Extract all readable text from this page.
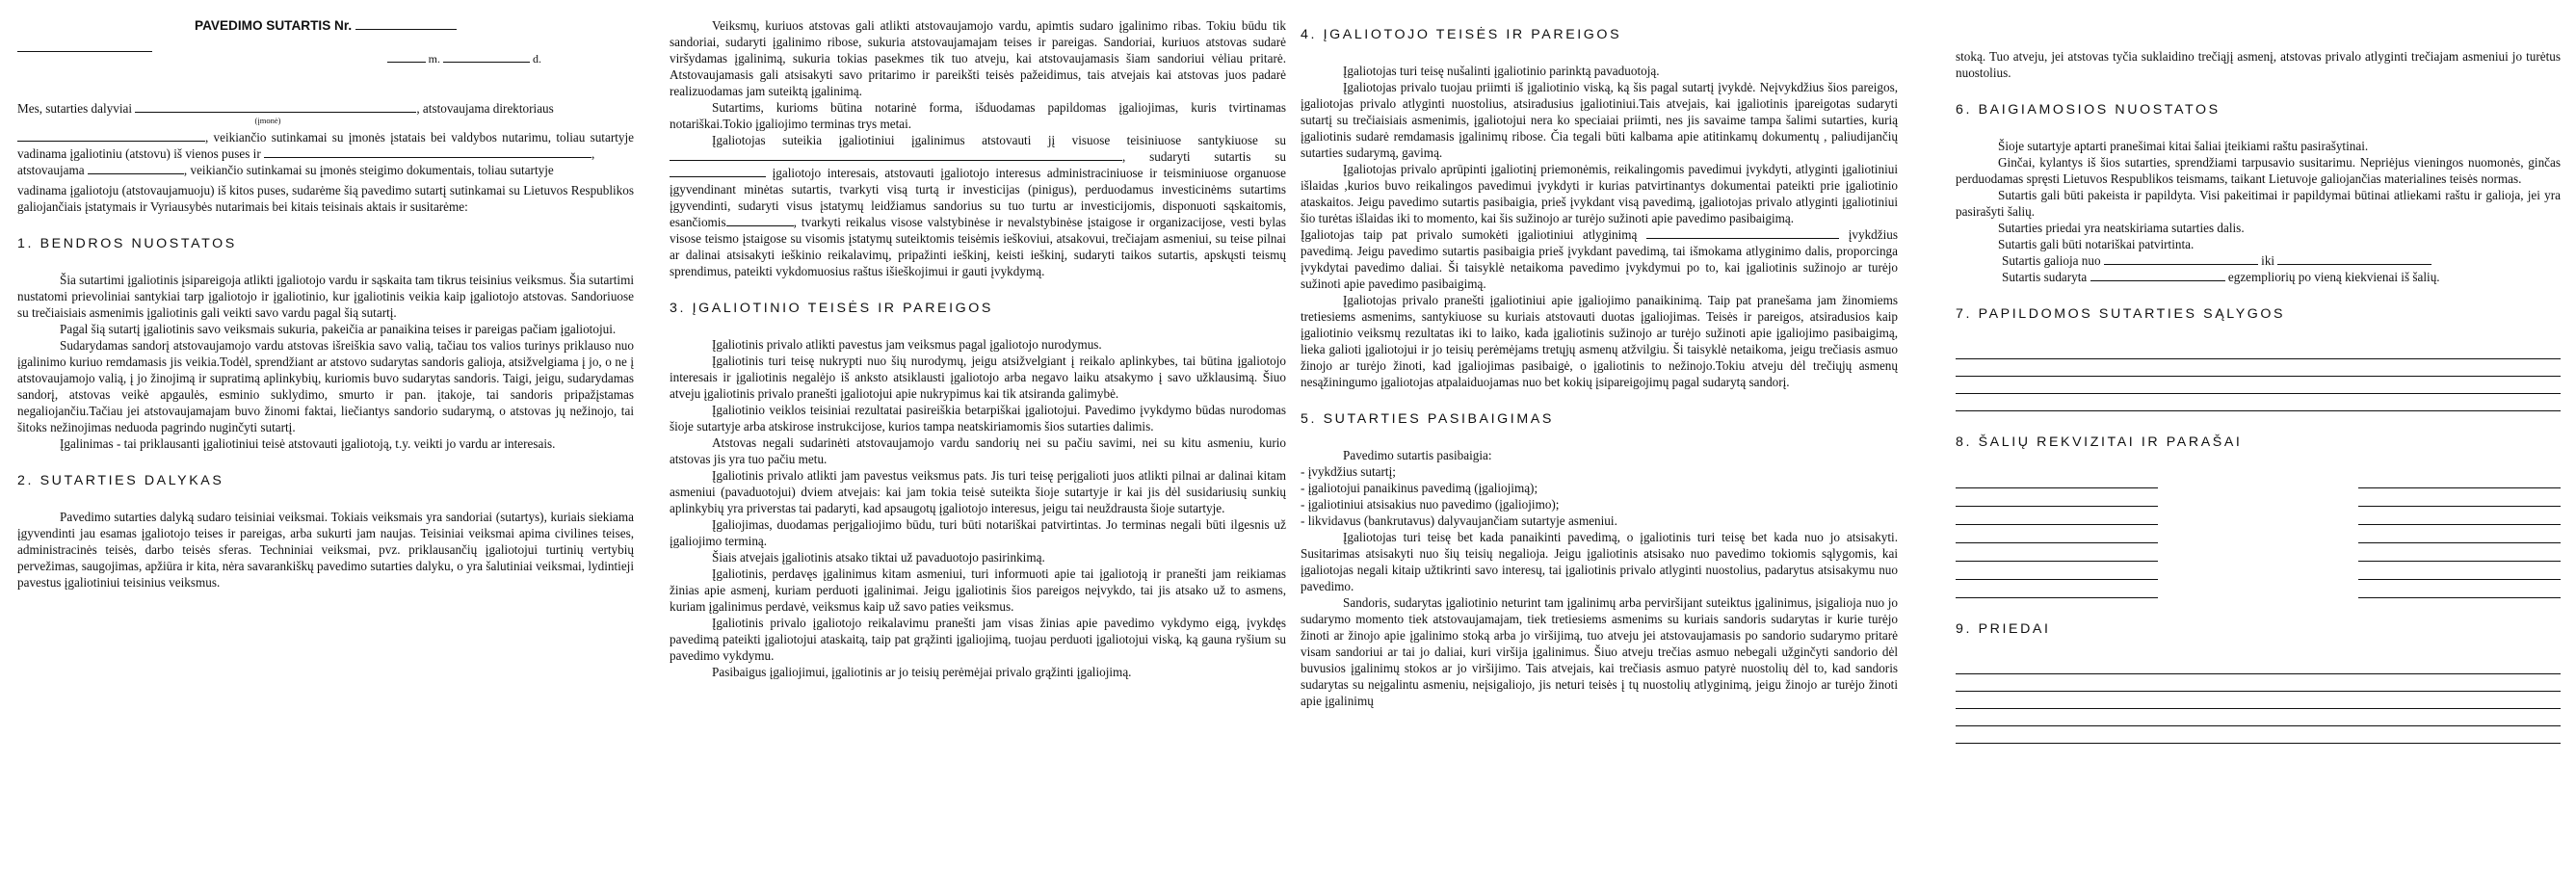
PAVEDIMO SUTARTIS Nr.

m.	d.

Mes, sutarties dalyviai	, atstovaujama direktoriaus

(įmonė)

, veikiančio sutinkamai su įmonės įstatais bei valdybos nutarimu, toliau sutartyje vadinama įgaliotiniu (atstovu) iš vienos puses ir	,

atstovaujama	, veikiančio sutinkamai su įmonės steigimo dokumentais, toliau sutartyje

vadinama įgaliotoju (atstovaujamuoju) iš kitos puses, sudarėme šią pavedimo sutartį sutinkamai su Lietuvos Respublikos galiojančiais įstatymais ir Vyriausybės nutarimais bei kitais teisinais aktais ir susitarėme:

1. BENDROS NUOSTATOS

Šia sutartimi įgaliotinis įsipareigoja atlikti įgaliotojo vardu ir sąskaita tam tikrus teisinius veiksmus. Šia sutartimi nustatomi prievoliniai santykiai tarp įgaliotojo ir įgaliotinio, kur įgaliotinis veikia kaip įgaliotojo atstovas. Sandoriuose su trečiaisiais asmenimis įgaliotinis gali veikti savo vardu pagal šią sutartį.

Pagal šią sutartį įgaliotinis savo veiksmais sukuria, pakeičia ar panaikina teises ir pareigas pačiam įgaliotojui.

Sudarydamas sandorį atstovaujamojo vardu atstovas išreiškia savo valią, tačiau tos valios turinys priklauso nuo įgalinimo kuriuo remdamasis jis veikia.Todėl, sprendžiant ar atstovo sudarytas sandoris galioja, atsižvelgiama į jo, o ne į atstovaujamojo valią, į jo žinojimą ir supratimą aplinkybių, kuriomis buvo sudarytas sandoris. Taigi, jeigu, sudarydamas sandorį, atstovas veikė apgaulės, esminio suklydimo, smurto ir pan. įtakoje, tai sandoris pripažįstamas negaliojančiu.Tačiau jei atstovaujamajam buvo žinomi faktai, liečiantys sandorio sudarymą, o atstovas jų nežinojo, tai šitoks nežinojimas neduoda pagrindo nuginčyti sutartį.

Įgalinimas - tai priklausanti įgaliotiniui teisė atstovauti įgaliotoją, t.y. veikti jo vardu ar interesais.

2. SUTARTIES DALYKAS

Pavedimo sutarties dalyką sudaro teisiniai veiksmai. Tokiais veiksmais yra sandoriai (sutartys), kuriais siekiama įgyvendinti jau esamas įgaliotojo teises ir pareigas, arba sukurti jam naujas. Teisiniai veiksmai apima civilines teises, administracinės teisės, darbo teisės sferas. Techniniai veiksmai, pvz. priklausančių įgaliotojui turtinių vertybių pervežimas, saugojimas, apžiūra ir kita, nėra savarankiškų pavedimo sutarties dalyku, o yra šalutiniai veiksmai, lydintieji pavestus įgaliotiniui teisinius veiksmus.

Veiksmų, kuriuos atstovas gali atlikti atstovaujamojo vardu, apimtis sudaro įgalinimo ribas. Tokiu būdu tik sandoriai, sudaryti įgalinimo ribose, sukuria atstovaujamajam teises ir pareigas. Sandoriai, kuriuos atstovas sudarė viršydamas įgalinimą, sukuria tokias pasekmes tik tuo atveju, kai atstovaujamasis šiam sandoriui vėliau pritarė. Atstovaujamasis gali atsisakyti savo pritarimo ir pareikšti teisės pažeidimus, tais atvejais kai atstovas juos padarė realizuodamas jam suteiktą įgalinimą.

Sutartims, kurioms būtina notarinė forma, išduodamas papildomas įgaliojimas, kuris tvirtinamas notariškai.Tokio įgaliojimo terminas trys metai.

Įgaliotojas suteikia įgaliotiniui įgalinimus atstovauti jį visuose teisiniuose santykiuose su , sudaryti sutartis su  įgaliotojo interesais, atstovauti įgaliotojo interesus administraciniuose ir teisminiuose organuose įgyvendinant minėtas sutartis, tvarkyti visą turtą ir investicijas (pinigus), perduodamus investicinėms sutartims įgyvendinti, sudaryti visus įstatymų leidžiamus sandorius su tuo turtu ar investicijomis, disponuoti sąskaitomis, esančiomis	, tvarkyti reikalus visose valstybinėse ir nevalstybinėse įstaigose ir organizacijose, vesti bylas visose teismo įstaigose su visomis įstatymų suteiktomis teisėmis ieškoviui, atsakovui, trečiajam asmeniui, su teise pilnai ar dalinai atsisakyti ieškinio reikalavimų, pripažinti ieškinį, keisti ieškinį, sudaryti taikos sutartis, apskųsti teismų sprendimus, pateikti vykdomuosius raštus išieškojimui ir gauti įvykdymą.

3. ĮGALIOTINIO TEISĖS IR PAREIGOS

Įgaliotinis privalo atlikti pavestus jam veiksmus pagal įgaliotojo nurodymus.

Įgaliotinis turi teisę nukrypti nuo šių nurodymų, jeigu atsižvelgiant į reikalo aplinkybes, tai būtina įgaliotojo interesais ir įgaliotinis negalėjo iš anksto atsiklausti įgaliotojo arba negavo laiku atsakymo į savo užklausimą. Šiuo atveju įgaliotinis privalo pranešti įgaliotojui apie nukrypimus kai tik atsiranda galimybė.

Įgaliotinio veiklos teisiniai rezultatai pasireiškia betarpiškai įgaliotojui. Pavedimo įvykdymo būdas nurodomas šioje sutartyje arba atskirose instrukcijose, kurios tampa neatskiriamomis šios sutarties dalimis.

Atstovas negali sudarinėti atstovaujamojo vardu sandorių nei su pačiu savimi, nei su kitu asmeniu, kurio atstovas jis yra tuo pačiu metu.

Įgaliotinis privalo atlikti jam pavestus veiksmus pats. Jis turi teisę perįgalioti juos atlikti pilnai ar dalinai kitam asmeniui (pavaduotojui) dviem atvejais: kai jam tokia teisė suteikta šioje sutartyje ir kai jis dėl susidariusių sunkių aplinkybių yra priverstas tai padaryti, kad apsaugotų įgaliotojo interesus, jeigu tai neuždrausta šioje sutartyje.

Įgaliojimas, duodamas perįgaliojimo būdu, turi būti notariškai patvirtintas. Jo terminas negali būti ilgesnis už įgaliojimo terminą.

Šiais atvejais įgaliotinis atsako tiktai už pavaduotojo pasirinkimą.

Įgaliotinis, perdavęs įgalinimus kitam asmeniui, turi informuoti apie tai įgaliotoją ir pranešti jam reikiamas žinias apie asmenį, kuriam perduoti įgalinimai. Jeigu įgaliotinis šios pareigos neįvykdo, tai jis atsako už to asmens, kuriam įgalinimus perdavė, veiksmus kaip už savo paties veiksmus.

Įgaliotinis privalo įgaliotojo reikalavimu pranešti jam visas žinias apie pavedimo vykdymo eigą, įvykdęs pavedimą pateikti įgaliotojui ataskaitą, taip pat grąžinti įgaliojimą, tuojau perduoti įgaliotojui viską, ką gauna ryšium su pavedimo vykdymu.

Pasibaigus įgaliojimui, įgaliotinis ar jo teisių perėmėjai privalo grąžinti įgaliojimą.

4. ĮGALIOTOJO TEISĖS IR PAREIGOS

Įgaliotojas turi teisę nušalinti įgaliotinio parinktą pavaduotoją.

Įgaliotojas privalo tuojau priimti iš įgaliotinio viską, ką šis pagal sutartį įvykdė. Neįvykdžius šios pareigos, įgaliotojas privalo atlyginti nuostolius, atsiradusius įgaliotiniui.Tais atvejais, kai įgaliotinis įpareigotas sudaryti sutartį su trečiaisiais asmenimis, įgaliotojui nera ko speciaiai priimti, nes jis savaime tampa šalimi sutarties, kurią įgaliotinis sudarė remdamasis įgalinimų ribose. Čia tegali būti kalbama apie atitinkamų dokumentų , paliudijančių sutarties sudarymą, gavimą.

Įgaliotojas privalo aprūpinti įgaliotinį priemonėmis, reikalingomis pavedimui įvykdyti, atlyginti įgaliotiniui išlaidas ,kurios buvo reikalingos pavedimui įvykdyti ir kurias patvirtinantys dokumentai pateikti prie įgaliotinio ataskaitos. Jeigu pavedimo sutartis pasibaigia, prieš įvykdant visą pavedimą, įgaliotojas privalo atlyginti įgaliotiniui šio turėtas išlaidas iki to momento, kai šis sužinojo ar turėjo sužinoti apie pavedimo pasibaigimą.

Įgaliotojas taip pat privalo sumokėti įgaliotiniui atlyginimą	įvykdžius pavedimą. Jeigu pavedimo sutartis pasibaigia prieš įvykdant pavedimą, tai išmokama atlyginimo dalis, proporcinga įvykdytai pavedimo daliai. Ši taisyklė netaikoma pavedimo įvykdymui po to, kai įgaliotinis sužinojo ar turėjo sužinoti apie pavedimo pasibaigimą.

Įgaliotojas privalo pranešti įgaliotiniui apie įgaliojimo panaikinimą. Taip pat pranešama jam žinomiems tretiesiems asmenims, santykiuose su kuriais atstovauti duotas įgaliojimas. Teisės ir pareigos, atsiradusios kaip įgaliotinio veiksmų rezultatas iki to laiko, kada įgaliotinis sužinojo ar turėjo sužinoti apie įgaliojimo pasibaigimą, lieka galioti įgaliotojui ir jo teisių perėmėjams tretųjų asmenų atžvilgiu. Ši taisyklė netaikoma, jeigu trečiasis asmuo žinojo ar turėjo žinoti, kad įgaliojimas pasibaigė, o įgaliotinis to nežinojo.Tokiu atveju dėl trečiųjų asmenų nesąžiningumo įgaliotojas atpalaiduojamas nuo bet kokių įsipareigojimų pagal sudarytą sandorį.

5. SUTARTIES PASIBAIGIMAS

Pavedimo sutartis pasibaigia:

- įvykdžius sutartį;

- įgaliotojui panaikinus pavedimą (įgaliojimą);

- įgaliotiniui atsisakius nuo pavedimo (įgaliojimo);

- likvidavus (bankrutavus) dalyvaujančiam sutartyje asmeniui.

Įgaliotojas turi teisę bet kada panaikinti pavedimą, o įgaliotinis turi teisę bet kada nuo jo atsisakyti. Susitarimas atsisakyti nuo šių teisių negalioja. Jeigu įgaliotinis atsisako nuo pavedimo tokiomis sąlygomis, kai įgaliotojas negali kitaip užtikrinti savo interesų, tai įgaliotinis privalo atlyginti nuostolius, padarytus atsisakymu nuo pavedimo.

Sandoris, sudarytas įgaliotinio neturint tam įgalinimų arba perviršijant suteiktus įgalinimus, įsigalioja nuo jo sudarymo momento tiek atstovaujamajam, tiek tretiesiems asmenims su kuriais sandoris sudarytas ir kurie turėjo žinoti ar žinojo apie įgalinimo stoką arba jo viršijimą, tuo atveju jei atstovaujamasis po sandorio sudarymo pritarė visam sandoriui ar tai jo daliai, kuri viršija įgalinimus. Šiuo atveju trečias asmuo nebegali užginčyti sandorio dėl buvusios įgalinimų stokos ar jo viršijimo. Tais atvejais, kai trečiasis asmuo patyrė nuostolių dėl to, kad sandoris sudarytas su neįgalintu asmeniu, neįsigaliojo, jis neturi teisės į tų nuostolių atlyginimą, jeigu žinojo ar turėjo žinoti apie įgalinimų

stoką. Tuo atveju, jei atstovas tyčia suklaidino trečiąjį asmenį, atstovas privalo atlyginti trečiajam asmeniui jo turėtus nuostolius.

6. BAIGIAMOSIOS NUOSTATOS

Šioje sutartyje aptarti pranešimai kitai šaliai įteikiami raštu pasirašytinai.

Ginčai, kylantys iš šios sutarties, sprendžiami tarpusavio susitarimu. Nepriėjus vieningos nuomonės, ginčas perduodamas spręsti Lietuvos Respublikos teismams, taikant Lietuvoje galiojančias materialines teisės normas.

Sutartis gali būti pakeista ir papildyta. Visi pakeitimai ir papildymai būtinai atliekami raštu ir galioja, jei yra pasirašyti šalių.

Sutarties priedai yra neatskiriama sutarties dalis.

Sutartis gali būti notariškai patvirtinta.

Sutartis galioja nuo	iki

Sutartis sudaryta	egzempliorių po vieną kiekvienai iš šalių.

7. PAPILDOMOS SUTARTIES SĄLYGOS
8. ŠALIŲ REKVIZITAI IR PARAŠAI
9. PRIEDAI
